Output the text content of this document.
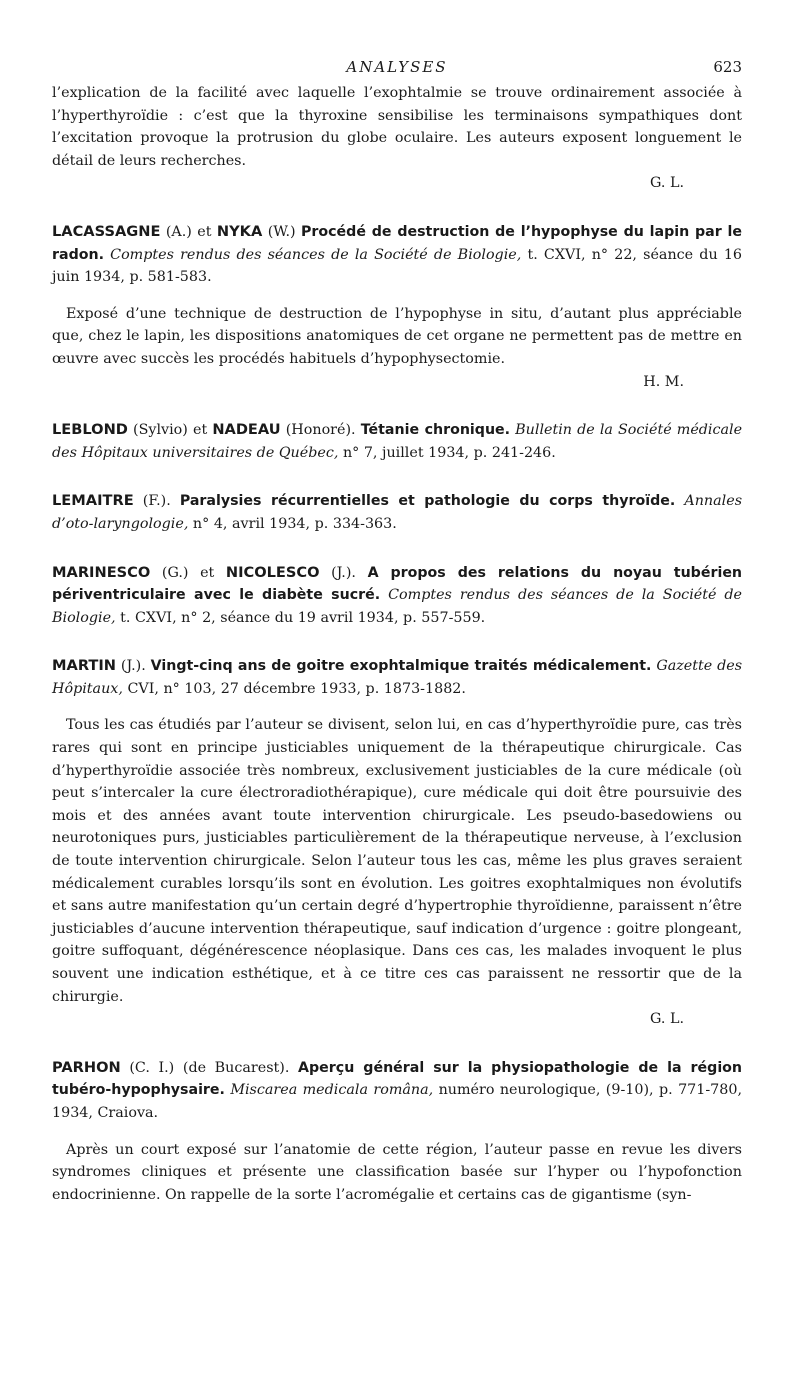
ANALYSES	623

l’explication de la facilité avec laquelle l’exophtalmie se trouve ordinairement associée à l’hyperthyroïdie : c’est que la thyroxine sensibilise les terminaisons sympathiques dont l’excitation provoque la protrusion du globe oculaire. Les auteurs exposent longuement le détail de leurs recherches.

G. L.
LACASSAGNE (A.) et NYKA (W.) Procédé de destruction de l’hypophyse du lapin par le radon. Comptes rendus des séances de la Société de Biologie, t. CXVI, n° 22, séance du 16 juin 1934, p. 581-583.

Exposé d’une technique de destruction de l’hypophyse in situ, d’autant plus appréciable que, chez le lapin, les dispositions anatomiques de cet organe ne permettent pas de mettre en œuvre avec succès les procédés habituels d’hypophysectomie.

H. M.
LEBLOND (Sylvio) et NADEAU (Honoré). Tétanie chronique. Bulletin de la Société médicale des Hôpitaux universitaires de Québec, n° 7, juillet 1934, p. 241-246.
LEMAITRE (F.). Paralysies récurrentielles et pathologie du corps thyroïde. Annales d’oto-laryngologie, n° 4, avril 1934, p. 334-363.
MARINESCO (G.) et NICOLESCO (J.). A propos des relations du noyau tubérien périventriculaire avec le diabète sucré. Comptes rendus des séances de la Société de Biologie, t. CXVI, n° 2, séance du 19 avril 1934, p. 557-559.
MARTIN (J.). Vingt-cinq ans de goitre exophtalmique traités médicalement. Gazette des Hôpitaux, CVI, n° 103, 27 décembre 1933, p. 1873-1882.

Tous les cas étudiés par l’auteur se divisent, selon lui, en cas d’hyperthyroïdie pure, cas très rares qui sont en principe justiciables uniquement de la thérapeutique chirurgicale. Cas d’hyperthyroïdie associée très nombreux, exclusivement justiciables de la cure médicale (où peut s’intercaler la cure électroradiothérapique), cure médicale qui doit être poursuivie des mois et des années avant toute intervention chirurgicale. Les pseudo-basedowiens ou neurotoniques purs, justiciables particulièrement de la thérapeutique nerveuse, à l’exclusion de toute intervention chirurgicale. Selon l’auteur tous les cas, même les plus graves seraient médicalement curables lorsqu’ils sont en évolution. Les goitres exophtalmiques non évolutifs et sans autre manifestation qu’un certain degré d’hypertrophie thyroïdienne, paraissent n’être justiciables d’aucune intervention thérapeutique, sauf indication d’urgence : goitre plongeant, goitre suffoquant, dégénérescence néoplasique. Dans ces cas, les malades invoquent le plus souvent une indication esthétique, et à ce titre ces cas paraissent ne ressortir que de la chirurgie.

G. L.
PARHON (C. I.) (de Bucarest). Aperçu général sur la physiopathologie de la région tubéro-hypophysaire. Miscarea medicala româna, numéro neurologique, (9-10), p. 771-780, 1934, Craiova.

Après un court exposé sur l’anatomie de cette région, l’auteur passe en revue les divers syndromes cliniques et présente une classification basée sur l’hyper ou l’hypofonction endocrinienne. On rappelle de la sorte l’acromégalie et certains cas de gigantisme (syn-
